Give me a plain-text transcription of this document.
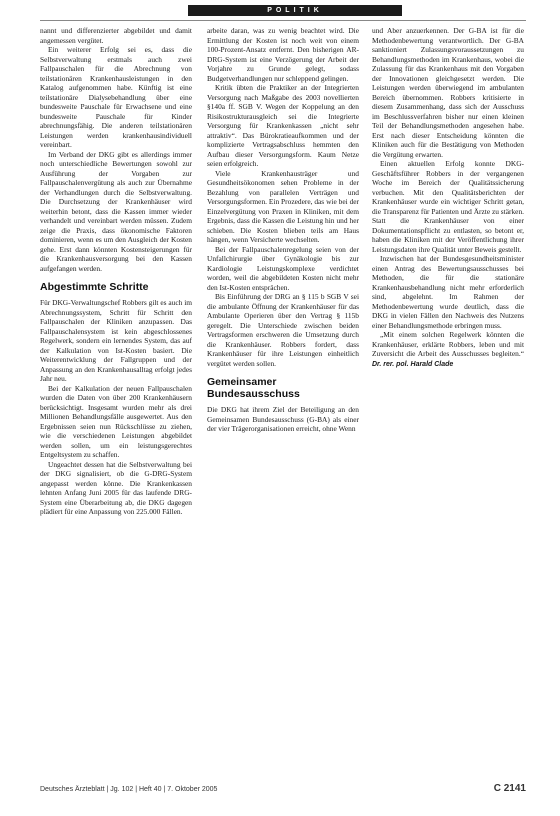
POLITIK

nannt und differenzierter abgebildet und damit angemessen vergütet.

Ein weiterer Erfolg sei es, dass die Selbstverwaltung erstmals auch zwei Fallpauschalen für die Abrechnung von teilstationären Krankenhausleistungen in den Katalog aufgenommen habe. Künftig ist eine teilstationäre Dialysebehandlung über eine bundesweite Pauschale für Erwachsene und eine bundesweite Pauschale für Kinder abrechnungsfähig. Die anderen teilstationären Leistungen werden krankenhausindividuell vereinbart.

Im Verband der DKG gibt es allerdings immer noch unterschiedliche Bewertungen sowohl zur Ausführung der Vorgaben zur Fallpauschalenvergütung als auch zur Übernahme der Verhandlungen durch die Selbstverwaltung. Die Durchsetzung der Krankenhäuser wird weiterhin betont, dass die Kassen immer wieder verhandelt und vereinbart werden müssen. Zudem zeige die Praxis, dass ökonomische Faktoren dominieren, wenn es um den Ausgleich der Kosten gehe. Erst dann könnten Kostensteigerungen für die Krankenhausversorgung bei den Kassen aufgefangen werden.

Abgestimmte Schritte

Für DKG-Verwaltungschef Robbers gilt es auch im Abrechnungssystem, Schritt für Schritt den Fallpauschalen der Kliniken anzupassen. Das Fallpauschalensystem ist kein abgeschlossenes Regelwerk, sondern ein lernendes System, das auf der Kalkulation von Ist-Kosten basiert. Die Weiterentwicklung der Fallgruppen und der Anpassung an den Krankenhausalltag erfolgt jedes Jahr neu.

Bei der Kalkulation der neuen Fallpauschalen wurden die Daten von über 200 Krankenhäusern berücksichtigt. Insgesamt wurden mehr als drei Millionen Behandlungsfälle ausgewertet. Aus den Ergebnissen seien nun Rückschlüsse zu ziehen, wie die verschiedenen Leistungen abgebildet werden sollen, um ein leistungsgerechtes Entgeltsystem zu schaffen.

Ungeachtet dessen hat die Selbstverwaltung bei der DKG signalisiert, ob die G-DRG-System angepasst werden könne. Die Krankenkassen lehnten Anfang Juni 2005 für das laufende DRG-System eine Überarbeitung ab, die DKG dagegen plädiert für eine Anpassung von 225.000 Fällen.

arbeite daran, was zu wenig beachtet wird. Die Ermittlung der Kosten ist noch weit von einem 100-Prozent-Ansatz entfernt. Den bisherigen AR-DRG-System ist eine Verzögerung der Arbeit der Vorjahre zu Grunde gelegt, sodass Budgetverhandlungen nur schleppend gelingen.

Kritik übten die Praktiker an der Integrierten Versorgung nach Maßgabe des 2003 novellierten §140a ff. SGB V. Wegen der Koppelung an den Risikostrukturausgleich sei die Integrierte Versorgung für Krankenkassen „nicht sehr attraktiv“. Das Bürokratieaufkommen und der komplizierte Vertragsabschluss hemmten den Aufbau dieser Versorgungsform. Kaum Netze seien erfolgreich.

Viele Krankenhausträger und Gesundheitsökonomen sehen Probleme in der Bezahlung von parallelen Verträgen und Versorgungsformen. Ein Prozedere, das wie bei der Einzelvergütung von Praxen in Kliniken, mit dem Ergebnis, dass die Kassen die Leistung hin und her schieben. Die Kosten blieben teils am Haus hängen, wenn Versicherte wechselten.

Bei der Fallpauschalenregelung seien von der Unfallchirurgie über Gynäkologie bis zur Kardiologie Leistungskomplexe verdichtet worden, weil die abgebildeten Kosten nicht mehr den Ist-Kosten entsprächen.

Bis Einführung der DRG an § 115 b SGB V sei die ambulante Öffnung der Krankenhäuser für das Ambulante Operieren über den Vertrag § 115b geregelt. Die Unterschiede zwischen beiden Vertragsformen erschweren die Umsetzung durch die Krankenhäuser. Robbers fordert, dass Krankenhäuser für ihre Leistungen einheitlich vergütet werden sollen.

Gemeinsamer Bundesausschuss

Die DKG hat ihrem Ziel der Beteiligung an den Gemeinsamen Bundesausschuss (G-BA) als einer der vier Trägerorganisationen erreicht, ohne Wenn

und Aber anzuerkennen. Der G-BA ist für die Methodenbewertung verantwortlich. Der G-BA sanktioniert Zulassungsvoraussetzungen zu Behandlungsmethoden im Krankenhaus, wobei die Zulassung für das Krankenhaus mit den Vorgaben der Innovationen gleichgesetzt werden. Die Leistungen werden überwiegend im ambulanten Bereich übernommen. Robbers kritisierte in diesem Zusammenhang, dass sich der Ausschuss im Beschlussverfahren bisher nur einen kleinen Teil der Behandlungsmethoden angesehen habe. Erst nach dieser Entscheidung könnten die Kliniken auch für die Bestätigung von Methoden die Vergütung erwarten.

Einen aktuellen Erfolg konnte DKG-Geschäftsführer Robbers in der vergangenen Woche im Bereich der Qualitätssicherung verbuchen. Mit den Qualitätsberichten der Krankenhäuser wurde ein wichtiger Schritt getan, die Transparenz für Patienten und Ärzte zu stärken. Statt die Krankenhäuser von einer Dokumentationspflicht zu entlasten, so betont er, haben die Kliniken mit der Veröffentlichung ihrer Leistungsdaten ihre Qualität unter Beweis gestellt.

Inzwischen hat der Bundesgesundheitsminister einen Antrag des Bewertungsausschusses bei Methoden, die für die stationäre Krankenhausbehandlung nicht mehr erforderlich sind, abgelehnt. Im Rahmen der Methodenbewertung wurde deutlich, dass die DKG in vielen Fällen den Nachweis des Nutzens einer Behandlungsmethode erbringen muss.

„Mit einem solchen Regelwerk könnten die Krankenhäuser, erklärte Robbers, leben und mit Zuversicht die Arbeit des Ausschusses begleiten.“ Dr. rer. pol. Harald Clade

Deutsches Ärzteblatt | Jg. 102 | Heft 40 | 7. Oktober 2005	C 2141
